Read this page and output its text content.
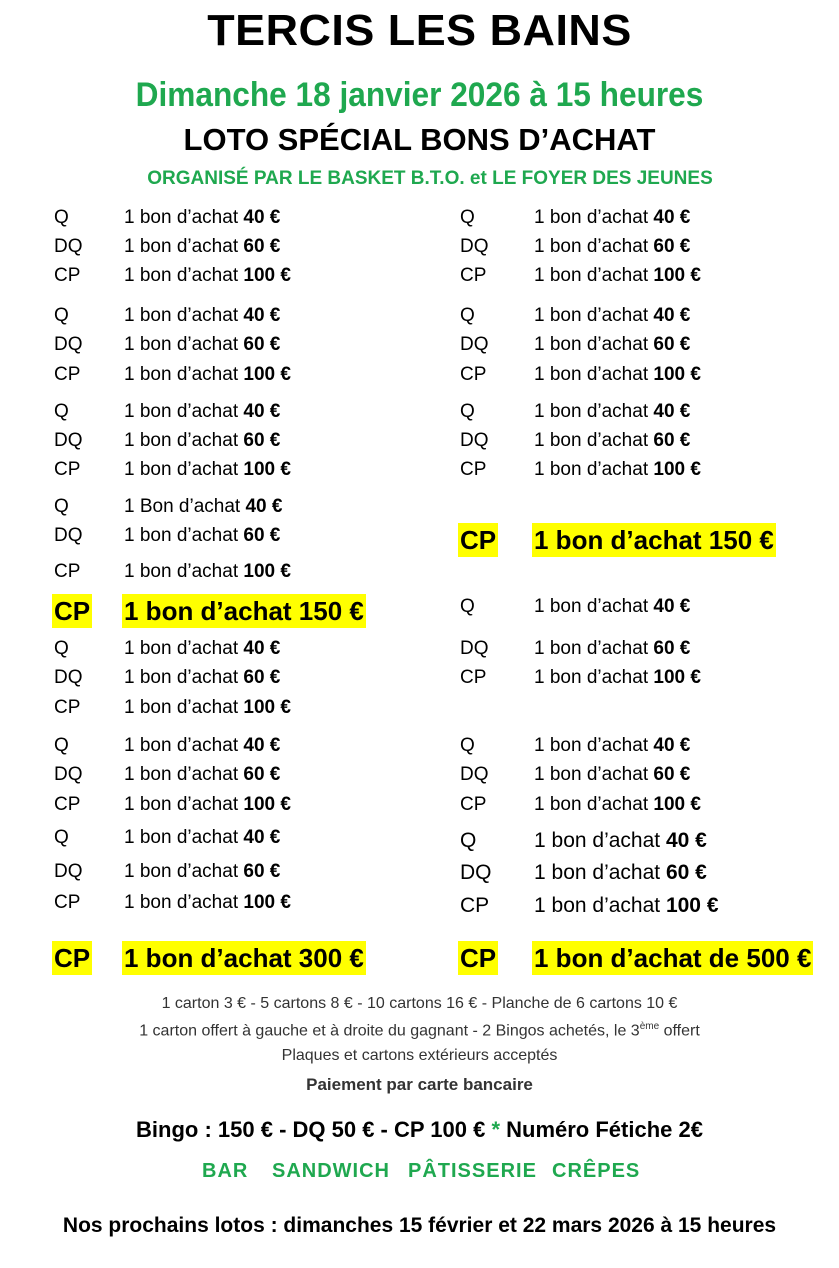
TERCIS LES BAINS
Dimanche 18 janvier 2026 à 15 heures
LOTO SPÉCIAL BONS D’ACHAT
ORGANISÉ PAR LE BASKET B.T.O. et LE FOYER DES JEUNES
Q	1 bon d’achat 40 €
DQ 1 bon d’achat 60 €
CP 1 bon d’achat 100 €
Q	1 bon d’achat 40 €
DQ 1 bon d’achat 60 €
CP 1 bon d’achat 100 €
Q	1 bon d’achat 40 €
DQ 1 bon d’achat 60 €
CP 1 bon d’achat 100 €
Q	1 Bon d’achat 40 €
DQ 1 bon d’achat 60 €
CP 1 bon d’achat 100 €
CP 1 bon d’achat 150 €
Q	1 bon d’achat 40 €
DQ 1 bon d’achat 60 €
CP 1 bon d’achat 100 €
Q	1 bon d’achat 40 €
DQ 1 bon d’achat 60 €
CP 1 bon d’achat 100 €
Q	1 bon d’achat 40 €
DQ 1 bon d’achat 60 €
CP 1 bon d’achat 100 €
CP 1 bon d’achat 300 €
Q	1 bon d’achat 40 €
DQ 1 bon d’achat 60 €
CP	1 bon d’achat 100 €
Q	1 bon d’achat 40 €
DQ 1 bon d’achat 60 €
CP	1 bon d’achat 100 €
Q	1 bon d’achat 40 €
DQ 1 bon d’achat 60 €
CP	1 bon d’achat 100 €
CP 1 bon d’achat 150 €
Q	1 bon d’achat 40 €
DQ 1 bon d’achat 60 €
CP	1 bon d’achat 100 €
Q	1 bon d’achat 40 €
DQ 1 bon d’achat 60 €
CP	1 bon d’achat 100 €
Q	1 bon d’achat 40 €
DQ 1 bon d’achat 60 €
CP 1 bon d’achat 100 €
CP 1 bon d’achat de 500 €
1 carton 3 € - 5 cartons 8 € - 10 cartons 16 € - Planche de 6 cartons 10 €
1 carton offert à gauche et à droite du gagnant - 2 Bingos achetés, le 3ème offert
Plaques et cartons extérieurs acceptés
Paiement par carte bancaire
Bingo : 150 € - DQ 50 € - CP 100 € * Numéro Fétiche 2€
BAR SANDWICH PÂTISSERIE CRÊPES
Nos prochains lotos : dimanches 15 février et 22 mars 2026 à 15 heures
